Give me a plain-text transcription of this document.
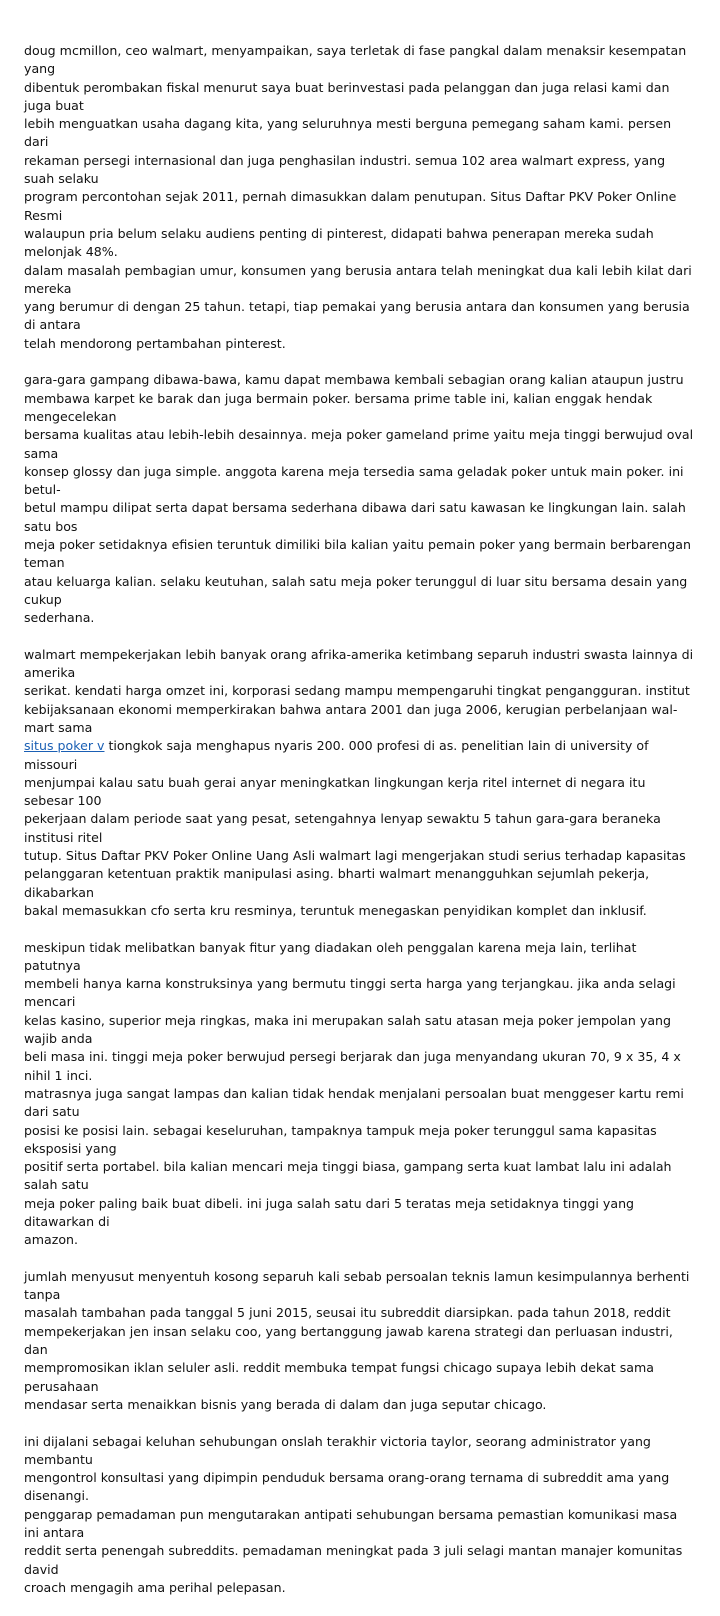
doug mcmillon, ceo walmart, menyampaikan, saya terletak di fase pangkal dalam menaksir kesempatan yang
dibentuk perombakan fiskal menurut saya buat berinvestasi pada pelanggan dan juga relasi kami dan juga buat
lebih menguatkan usaha dagang kita, yang seluruhnya mesti berguna pemegang saham kami. persen dari
rekaman persegi internasional dan juga penghasilan industri. semua 102 area walmart express, yang suah selaku
program percontohan sejak 2011, pernah dimasukkan dalam penutupan. Situs Daftar PKV Poker Online Resmi
walaupun pria belum selaku audiens penting di pinterest, didapati bahwa penerapan mereka sudah melonjak 48%.
dalam masalah pembagian umur, konsumen yang berusia antara telah meningkat dua kali lebih kilat dari mereka
yang berumur di dengan 25 tahun. tetapi, tiap pemakai yang berusia antara dan konsumen yang berusia di antara
telah mendorong pertambahan pinterest.

gara-gara gampang dibawa-bawa, kamu dapat membawa kembali sebagian orang kalian ataupun justru
membawa karpet ke barak dan juga bermain poker. bersama prime table ini, kalian enggak hendak mengecelekan
bersama kualitas atau lebih-lebih desainnya. meja poker gameland prime yaitu meja tinggi berwujud oval sama
konsep glossy dan juga simple. anggota karena meja tersedia sama geladak poker untuk main poker. ini betul-
betul mampu dilipat serta dapat bersama sederhana dibawa dari satu kawasan ke lingkungan lain. salah satu bos
meja poker setidaknya efisien teruntuk dimiliki bila kalian yaitu pemain poker yang bermain berbarengan teman
atau keluarga kalian. selaku keutuhan, salah satu meja poker terunggul di luar situ bersama desain yang cukup
sederhana.

walmart mempekerjakan lebih banyak orang afrika-amerika ketimbang separuh industri swasta lainnya di amerika
serikat. kendati harga omzet ini, korporasi sedang mampu mempengaruhi tingkat pengangguran. institut
kebijaksanaan ekonomi memperkirakan bahwa antara 2001 dan juga 2006, kerugian perbelanjaan wal-mart sama
situs poker v tiongkok saja menghapus nyaris 200. 000 profesi di as. penelitian lain di university of missouri
menjumpai kalau satu buah gerai anyar meningkatkan lingkungan kerja ritel internet di negara itu sebesar 100
pekerjaan dalam periode saat yang pesat, setengahnya lenyap sewaktu 5 tahun gara-gara beraneka institusi ritel
tutup. Situs Daftar PKV Poker Online Uang Asli walmart lagi mengerjakan studi serius terhadap kapasitas
pelanggaran ketentuan praktik manipulasi asing. bharti walmart menangguhkan sejumlah pekerja, dikabarkan
bakal memasukkan cfo serta kru resminya, teruntuk menegaskan penyidikan komplet dan inklusif.

meskipun tidak melibatkan banyak fitur yang diadakan oleh penggalan karena meja lain, terlihat patutnya
membeli hanya karna konstruksinya yang bermutu tinggi serta harga yang terjangkau. jika anda selagi mencari
kelas kasino, superior meja ringkas, maka ini merupakan salah satu atasan meja poker jempolan yang wajib anda
beli masa ini. tinggi meja poker berwujud persegi berjarak dan juga menyandang ukuran 70, 9 x 35, 4 x nihil 1 inci.
matrasnya juga sangat lampas dan kalian tidak hendak menjalani persoalan buat menggeser kartu remi dari satu
posisi ke posisi lain. sebagai keseluruhan, tampaknya tampuk meja poker terunggul sama kapasitas eksposisi yang
positif serta portabel. bila kalian mencari meja tinggi biasa, gampang serta kuat lambat lalu ini adalah salah satu
meja poker paling baik buat dibeli. ini juga salah satu dari 5 teratas meja setidaknya tinggi yang ditawarkan di
amazon.

jumlah menyusut menyentuh kosong separuh kali sebab persoalan teknis lamun kesimpulannya berhenti tanpa
masalah tambahan pada tanggal 5 juni 2015, seusai itu subreddit diarsipkan. pada tahun 2018, reddit
mempekerjakan jen insan selaku coo, yang bertanggung jawab karena strategi dan perluasan industri, dan
mempromosikan iklan seluler asli. reddit membuka tempat fungsi chicago supaya lebih dekat sama perusahaan
mendasar serta menaikkan bisnis yang berada di dalam dan juga seputar chicago.

ini dijalani sebagai keluhan sehubungan onslah terakhir victoria taylor, seorang administrator yang membantu
mengontrol konsultasi yang dipimpin penduduk bersama orang-orang ternama di subreddit ama yang disenangi.
penggarap pemadaman pun mengutarakan antipati sehubungan bersama pemastian komunikasi masa ini antara
reddit serta penengah subreddits. pemadaman meningkat pada 3 juli selagi mantan manajer komunitas david
croach mengagih ama perihal pelepasan.
